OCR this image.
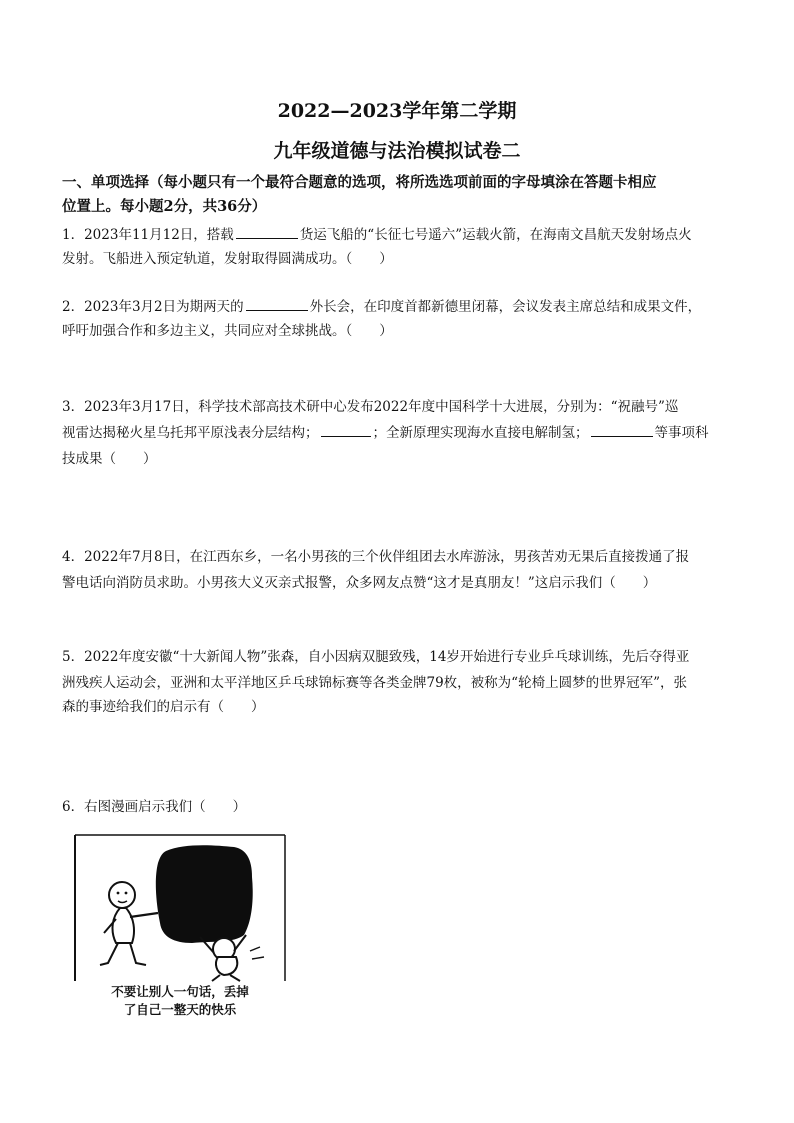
2022—2023学年第二学期
九年级道德与法治模拟试卷二
一、单项选择（每小题只有一个最符合题意的选项，将所选选项前面的字母填涂在答题卡相应
位置上。每小题2分，共36分）
1．2023年11月12日，搭载	货运飞船的“长征七号遥六”运载火箭，在海南文昌航天发射场点火
发射。飞船进入预定轨道，发射取得圆满成功。（　　）
2．2023年3月2日为期两天的	外长会，在印度首都新德里闭幕，会议发表主席总结和成果文件，
呼吁加强合作和多边主义，共同应对全球挑战。（　　）
3．2023年3月17日，科学技术部高技术研中心发布2022年度中国科学十大进展，分别为：“祝融号”巡
视雷达揭秘火星乌托邦平原浅表分层结构；	；全新原理实现海水直接电解制氢；	等事项科
技成果（　　）
4．2022年7月8日，在江西东乡，一名小男孩的三个伙伴组团去水库游泳，男孩苦劝无果后直接拨通了报
警电话向消防员求助。小男孩大义灭亲式报警，众多网友点赞“这才是真朋友！”这启示我们（　　）
5．2022年度安徽“十大新闻人物”张森，自小因病双腿致残，14岁开始进行专业乒乓球训练，先后夺得亚
洲残疾人运动会，亚洲和太平洋地区乒乓球锦标赛等各类金牌79枚，被称为“轮椅上圆梦的世界冠军”，张
森的事迹给我们的启示有（　　）
6．右图漫画启示我们（　　）
不要让别人一句话，丢掉
了自己一整天的快乐
